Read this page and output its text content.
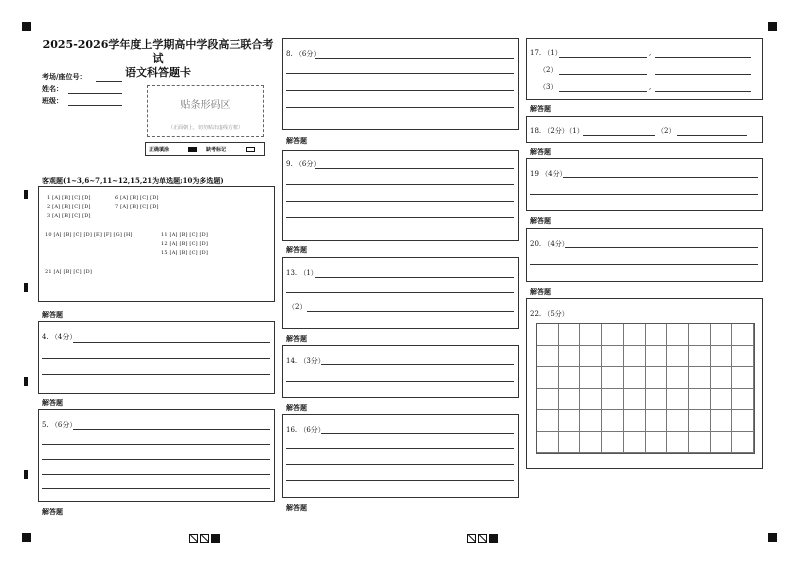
2025-2026学年度上学期高中学段高三联合考试
语文科答题卡
考场/座位号：
姓名：
班级：	贴条形码区
（正面朝上，切勿贴出虚线方框）
正确填涂	缺考标记
客观题(1~3,6~7,11~12,15,21为单选题;10为多选题)
1 [A] [B] [C] [D]
2 [A] [B] [C] [D]
3 [A] [B] [C] [D]
6 [A] [B] [C] [D]
7 [A] [B] [C] [D]
10 [A] [B] [C] [D] [E] [F] [G] [H]	11 [A] [B] [C] [D]
12 [A] [B] [C] [D]
15 [A] [B] [C] [D]
21 [A] [B] [C] [D]
解答题
4. （4分）
解答题
5. （6分）
解答题
8. （6分）
解答题
9. （6分）
解答题
13. （1）
（2）
解答题
14. （3分）
解答题
16. （6分）
解答题
17. （1）	,
（2）
（3）	,
解答题
18. （2分）（1）	（2）
解答题
19 （4分）
解答题
20. （4分）
解答题
22. （5分）
